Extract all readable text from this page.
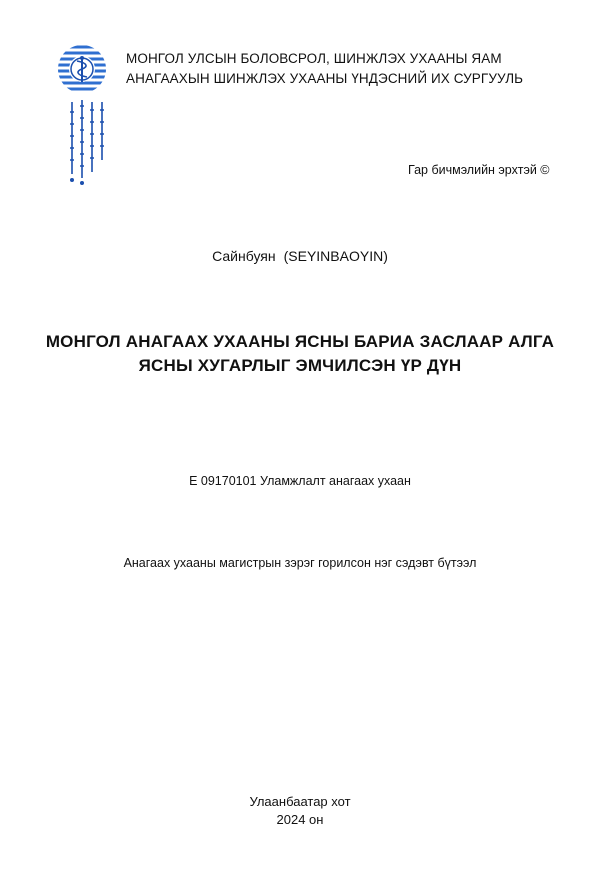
МОНГОЛ УЛСЫН БОЛОВСРОЛ, ШИНЖЛЭХ УХААНЫ ЯАМ
АНАГААХЫН ШИНЖЛЭХ УХААНЫ ҮНДЭСНИЙ ИХ СУРГУУЛЬ
Гар бичмэлийн эрхтэй ©
Сайнбуян (SEYINBAOYIN)
МОНГОЛ АНАГААХ УХААНЫ ЯСНЫ БАРИА ЗАСЛААР АЛГА
ЯСНЫ ХУГАРЛЫГ ЭМЧИЛСЭН ҮР ДҮН
E 09170101 Уламжлалт анагаах ухаан
Анагаах ухааны магистрын зэрэг горилсон нэг сэдэвт бүтээл
Улаанбаатар хот
2024 он
